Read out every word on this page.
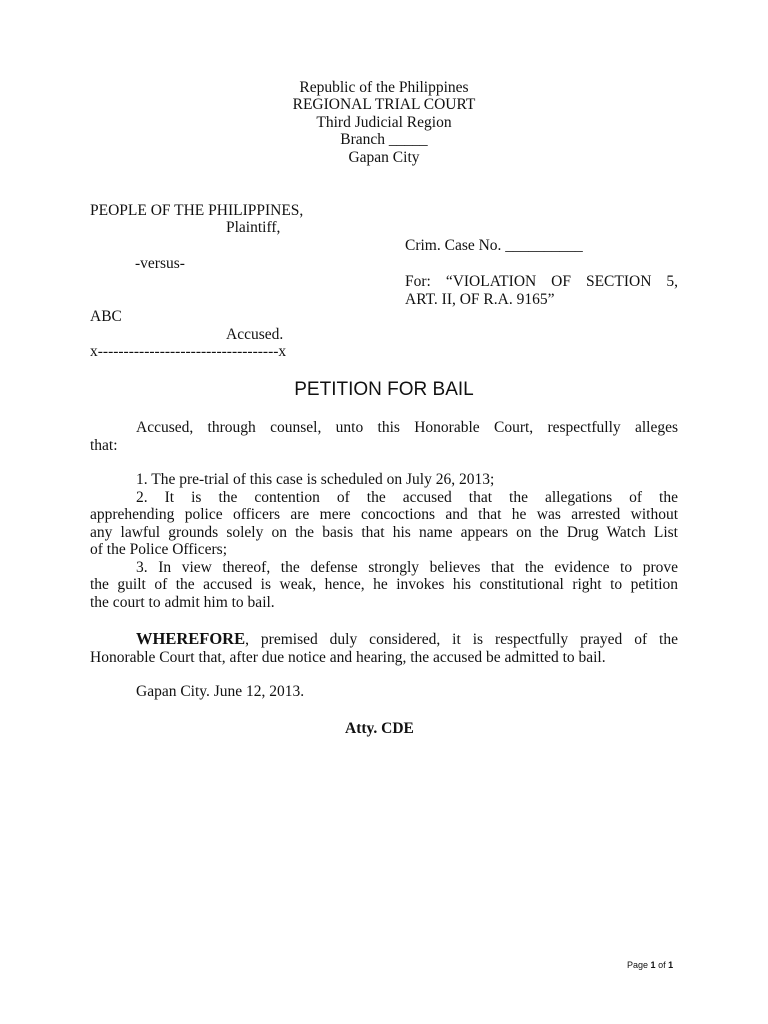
Republic of the Philippines
REGIONAL TRIAL COURT
Third Judicial Region
Branch _____
Gapan City
PEOPLE OF THE PHILIPPINES,
Plaintiff,
-versus-
ABC
Accused.
x-----------------------------------x
Crim. Case No. __________
For: “VIOLATION OF SECTION 5,
ART. II, OF R.A. 9165”
PETITION FOR BAIL
Accused, through counsel, unto this Honorable Court, respectfully alleges
that:
1. The pre-trial of this case is scheduled on July 26, 2013;
2. It is the contention of the accused that the allegations of the
apprehending police officers are mere concoctions and that he was arrested without
any lawful grounds solely on the basis that his name appears on the Drug Watch List
of the Police Officers;
3. In view thereof, the defense strongly believes that the evidence to prove
the guilt of the accused is weak, hence, he invokes his constitutional right to petition
the court to admit him to bail.
WHEREFORE, premised duly considered, it is respectfully prayed of the
Honorable Court that, after due notice and hearing, the accused be admitted to bail.
Gapan City. June 12, 2013.
Atty. CDE
Page 1 of 1
